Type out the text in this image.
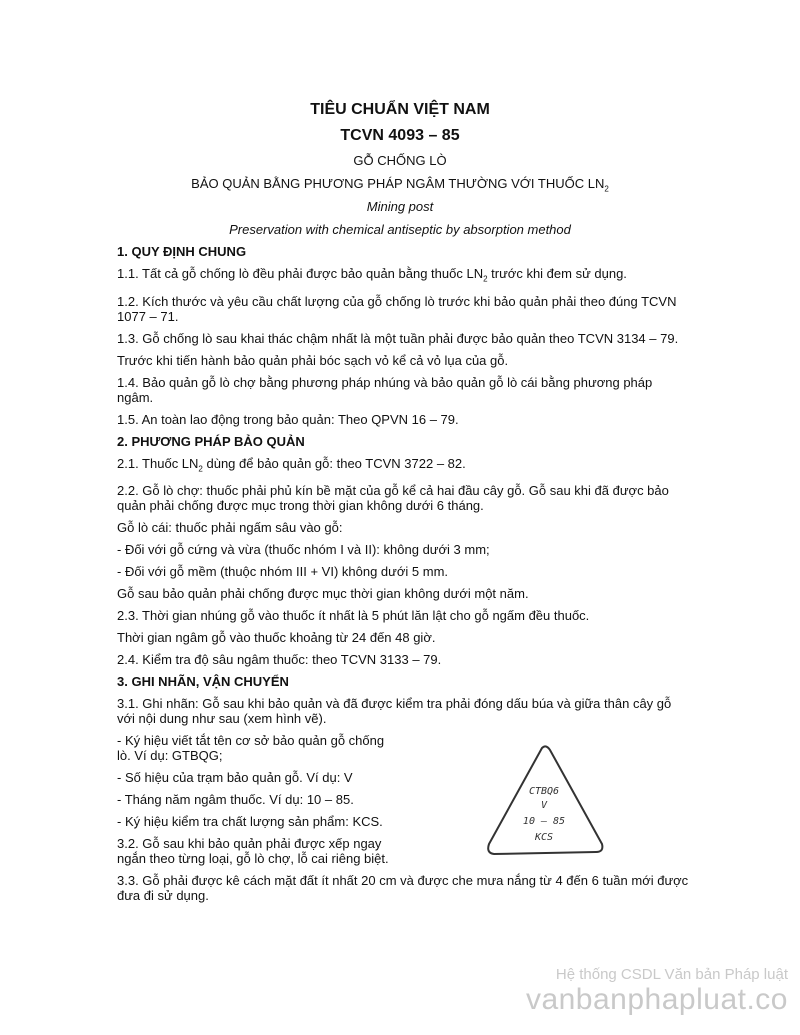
TIÊU CHUẨN VIỆT NAM
TCVN 4093 – 85
GỖ CHỐNG LÒ
BẢO QUẢN BẰNG PHƯƠNG PHÁP NGÂM THƯỜNG VỚI THUỐC $LN_2$
Mining post
Preservation with chemical antiseptic by absorption method
1. QUY ĐỊNH CHUNG

1.1. Tất cả gỗ chống lò đều phải được bảo quản bằng thuốc $LN_2$ trước khi đem sử dụng.

1.2. Kích thước và yêu cầu chất lượng của gỗ chống lò trước khi bảo quản phải theo đúng TCVN 1077 – 71.

1.3. Gỗ chống lò sau khai thác chậm nhất là một tuần phải được bảo quản theo TCVN 3134 – 79.

Trước khi tiến hành bảo quản phải bóc sạch vỏ kể cả vỏ lụa của gỗ.

1.4. Bảo quản gỗ lò chợ bằng phương pháp nhúng và bảo quản gỗ lò cái bằng phương pháp ngâm.

1.5. An toàn lao động trong bảo quản: Theo QPVN 16 – 79.

2. PHƯƠNG PHÁP BẢO QUẢN

2.1. Thuốc $LN_2$ dùng để bảo quản gỗ: theo TCVN 3722 – 82.

2.2. Gỗ lò chợ: thuốc phải phủ kín bề mặt của gỗ kể cả hai đầu cây gỗ. Gỗ sau khi đã được bảo quản phải chống được mục trong thời gian không dưới 6 tháng.

Gỗ lò cái: thuốc phải ngấm sâu vào gỗ:

- Đối với gỗ cứng và vừa (thuốc nhóm I và II): không dưới 3 mm;

- Đối với gỗ mềm (thuộc nhóm III + VI) không dưới 5 mm.

Gỗ sau bảo quản phải chống được mục thời gian không dưới một năm.

2.3. Thời gian nhúng gỗ vào thuốc ít nhất là 5 phút lăn lật cho gỗ ngấm đều thuốc.

Thời gian ngâm gỗ vào thuốc khoảng từ 24 đến 48 giờ.

2.4. Kiểm tra độ sâu ngâm thuốc: theo TCVN 3133 – 79.

3. GHI NHÃN, VẬN CHUYỂN

3.1. Ghi nhãn: Gỗ sau khi bảo quản và đã được kiểm tra phải đóng dấu búa và giữa thân cây gỗ với nội dung như sau (xem hình vẽ).

- Ký hiệu viết tắt tên cơ sở bảo quản gỗ chống lò. Ví dụ: GTBQG;

- Số hiệu của trạm bảo quản gỗ. Ví dụ: V

- Tháng năm ngâm thuốc. Ví dụ: 10 – 85.

- Ký hiệu kiểm tra chất lượng sản phẩm: KCS.

3.2. Gỗ sau khi bảo quản phải được xếp ngay ngắn theo từng loại, gỗ lò chợ, lỗ cai riêng biệt.

3.3. Gỗ phải được kê cách mặt đất ít nhất 20 cm và được che mưa nắng từ 4 đến 6 tuần mới được đưa đi sử dụng.

CTBQ6
V
10 – 85
KCS
Hệ thống CSDL Văn bản Pháp luật
vanbanphapluat.co
